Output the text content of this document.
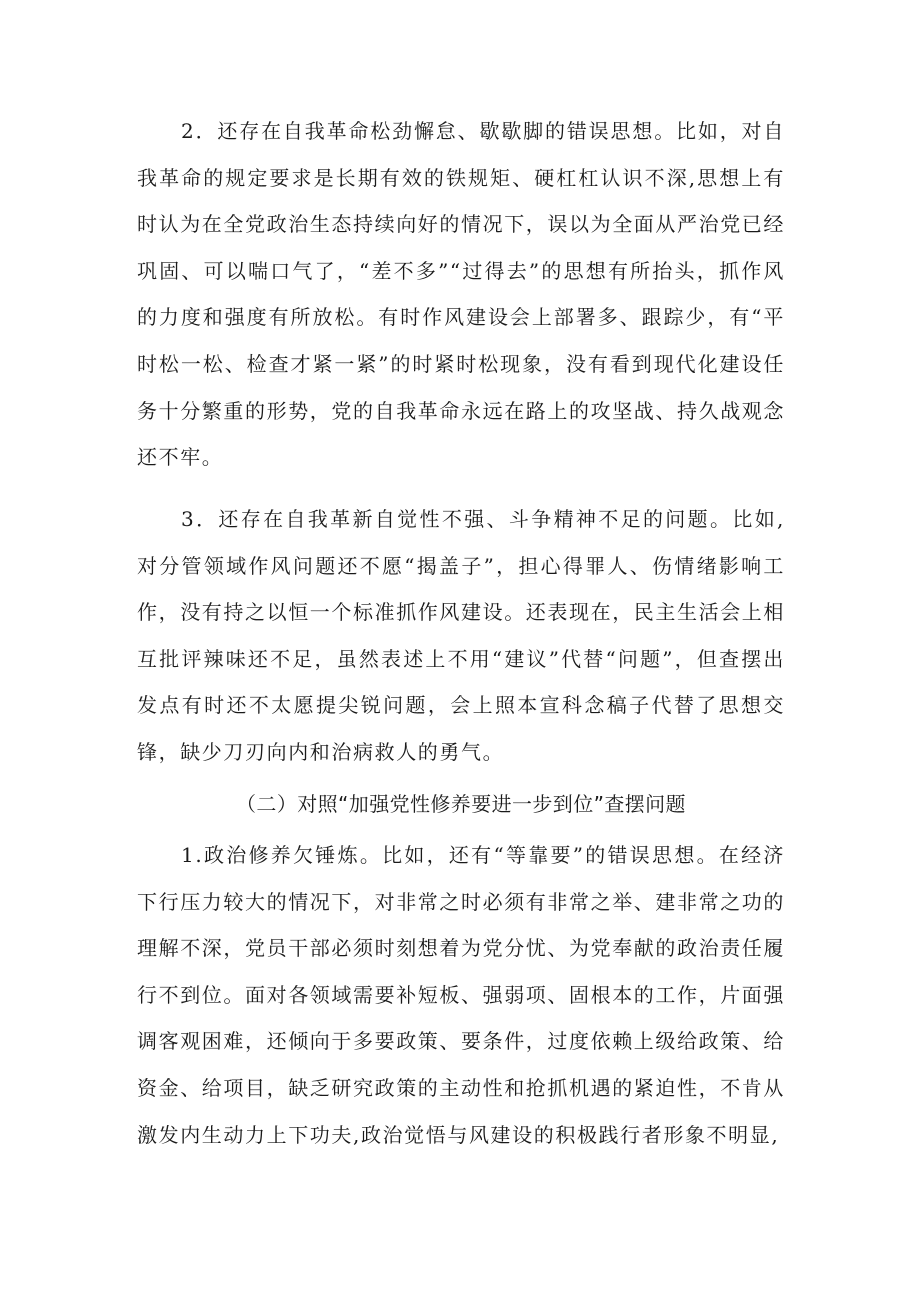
2．还存在自我革命松劲懈怠、歇歇脚的错误思想。比如，对自我革命的规定要求是长期有效的铁规矩、硬杠杠认识不深,思想上有时认为在全党政治生态持续向好的情况下，误以为全面从严治党已经巩固、可以喘口气了，“差不多”“过得去”的思想有所抬头，抓作风的力度和强度有所放松。有时作风建设会上部署多、跟踪少，有“平时松一松、检查才紧一紧”的时紧时松现象，没有看到现代化建设任务十分繁重的形势，党的自我革命永远在路上的攻坚战、持久战观念还不牢。

3．还存在自我革新自觉性不强、斗争精神不足的问题。比如,对分管领域作风问题还不愿“揭盖子”，担心得罪人、伤情绪影响工作，没有持之以恒一个标准抓作风建设。还表现在，民主生活会上相互批评辣味还不足，虽然表述上不用“建议”代替“问题”，但查摆出发点有时还不太愿提尖锐问题，会上照本宣科念稿子代替了思想交锋，缺少刀刃向内和治病救人的勇气。

（二）对照“加强党性修养要进一步到位”查摆问题

1.政治修养欠锤炼。比如，还有“等靠要”的错误思想。在经济下行压力较大的情况下，对非常之时必须有非常之举、建非常之功的理解不深，党员干部必须时刻想着为党分忧、为党奉献的政治责任履行不到位。面对各领域需要补短板、强弱项、固根本的工作，片面强调客观困难，还倾向于多要政策、要条件，过度依赖上级给政策、给资金、给项目，缺乏研究政策的主动性和抢抓机遇的紧迫性，不肯从激发内生动力上下功夫,政治觉悟与风建设的积极践行者形象不明显,
